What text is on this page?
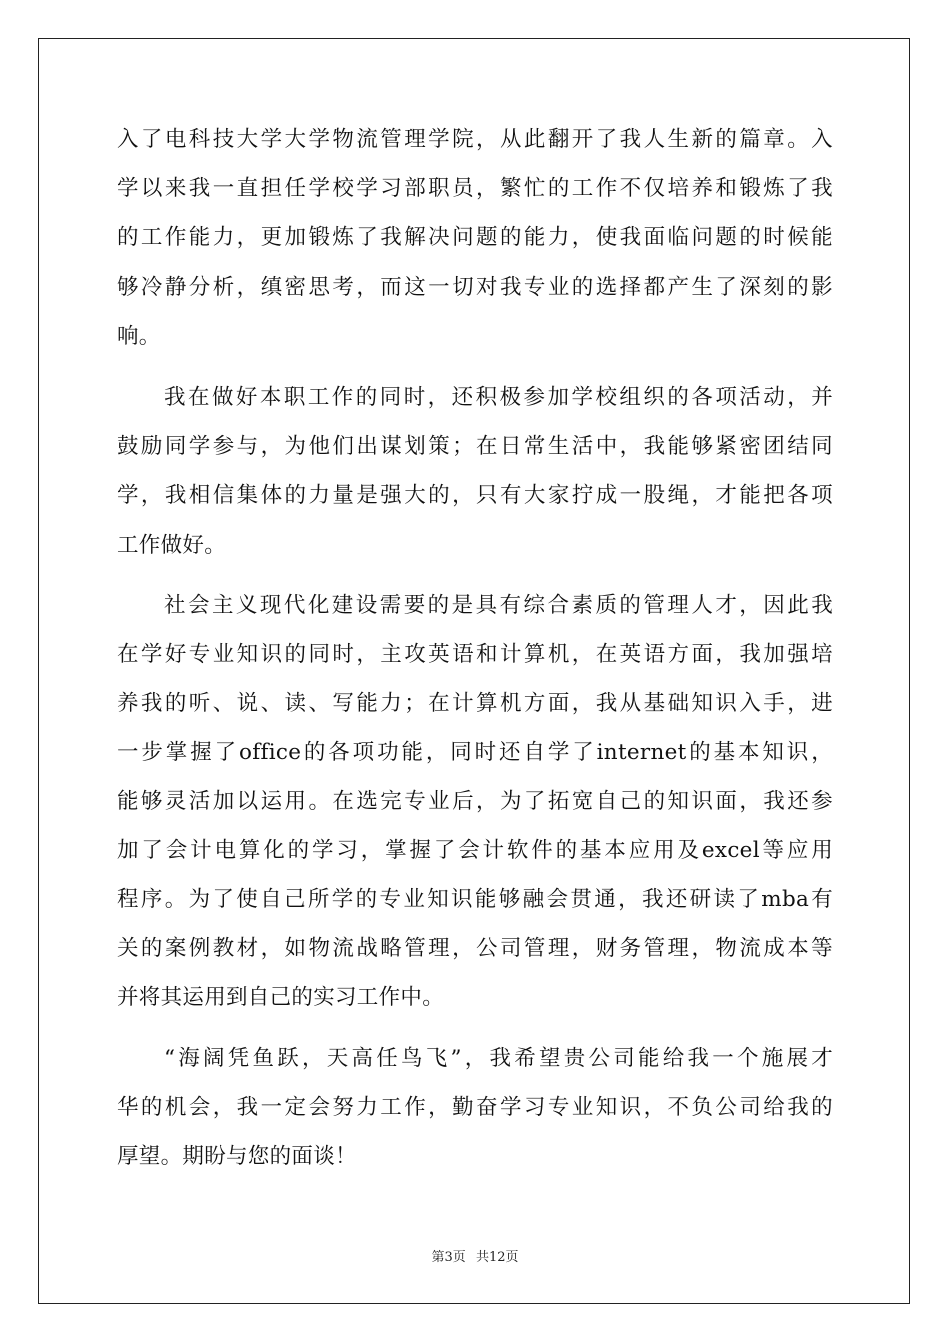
入了电科技大学大学物流管理学院，从此翻开了我人生新的篇章。入
学以来我一直担任学校学习部职员，繁忙的工作不仅培养和锻炼了我
的工作能力，更加锻炼了我解决问题的能力，使我面临问题的时候能
够冷静分析，缜密思考，而这一切对我专业的选择都产生了深刻的影
响。
我在做好本职工作的同时，还积极参加学校组织的各项活动，并
鼓励同学参与，为他们出谋划策；在日常生活中，我能够紧密团结同
学，我相信集体的力量是强大的，只有大家拧成一股绳，才能把各项
工作做好。
社会主义现代化建设需要的是具有综合素质的管理人才，因此我
在学好专业知识的同时，主攻英语和计算机，在英语方面，我加强培
养我的听、说、读、写能力；在计算机方面，我从基础知识入手，进
一步掌握了office的各项功能，同时还自学了internet的基本知识，
能够灵活加以运用。在选完专业后，为了拓宽自己的知识面，我还参
加了会计电算化的学习，掌握了会计软件的基本应用及excel等应用
程序。为了使自己所学的专业知识能够融会贯通，我还研读了mba有
关的案例教材，如物流战略管理，公司管理，财务管理，物流成本等
并将其运用到自己的实习工作中。
“海阔凭鱼跃，天高任鸟飞”，我希望贵公司能给我一个施展才
华的机会，我一定会努力工作，勤奋学习专业知识，不负公司给我的
厚望。期盼与您的面谈！
第3页 共12页
